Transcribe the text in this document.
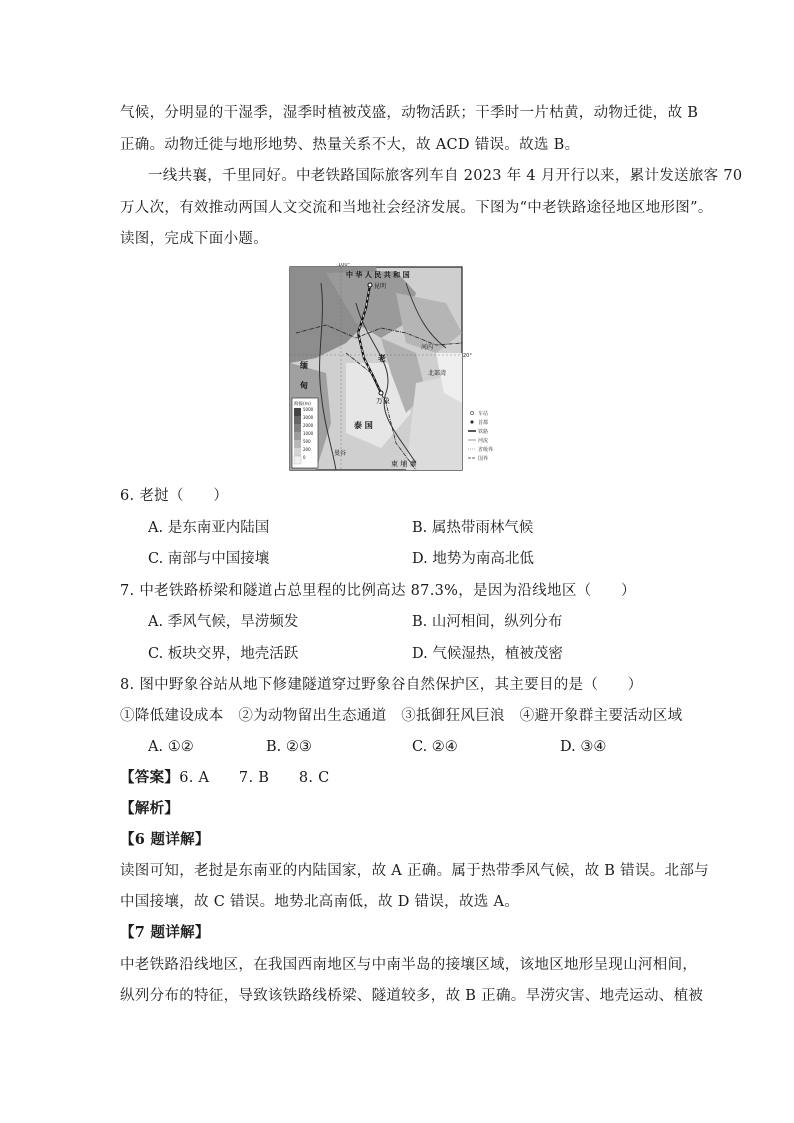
气候，分明显的干湿季，湿季时植被茂盛，动物活跃；干季时一片枯黄，动物迁徙，故 B
正确。动物迁徙与地形地势、热量关系不大，故 ACD 错误。故选 B。
一线共襄，千里同好。中老铁路国际旅客列车自 2023 年 4 月开行以来，累计发送旅客 70
万人次，有效推动两国人文交流和当地社会经济发展。下图为“中老铁路途径地区地形图”。
读图，完成下面小题。
100°
20°
中 华 人 民 共 和 国
昆明
河内
缅
甸
老
万象
泰 国
曼谷
柬 埔 寨
北部湾
海拔(m)
5000
3000
2000
1000
500
200
0
车站
首都
铁路
河流
省级界
国界
6. 老挝（　　）
A. 是东南亚内陆国	B. 属热带雨林气候
C. 南部与中国接壤	D. 地势为南高北低
7. 中老铁路桥梁和隧道占总里程的比例高达 87.3%，是因为沿线地区（　　）
A. 季风气候，旱涝频发	B. 山河相间，纵列分布
C. 板块交界，地壳活跃	D. 气候湿热，植被茂密
8. 图中野象谷站从地下修建隧道穿过野象谷自然保护区，其主要目的是（　　）
①降低建设成本　②为动物留出生态通道　③抵御狂风巨浪　④避开象群主要活动区域
A. ①②	B. ②③	C. ②④	D. ③④
【答案】6. A　　7. B　　8. C
【解析】
【6 题详解】
读图可知，老挝是东南亚的内陆国家，故 A 正确。属于热带季风气候，故 B 错误。北部与
中国接壤，故 C 错误。地势北高南低，故 D 错误，故选 A。
【7 题详解】
中老铁路沿线地区，在我国西南地区与中南半岛的接壤区域，该地区地形呈现山河相间，
纵列分布的特征，导致该铁路线桥梁、隧道较多，故 B 正确。旱涝灾害、地壳运动、植被
